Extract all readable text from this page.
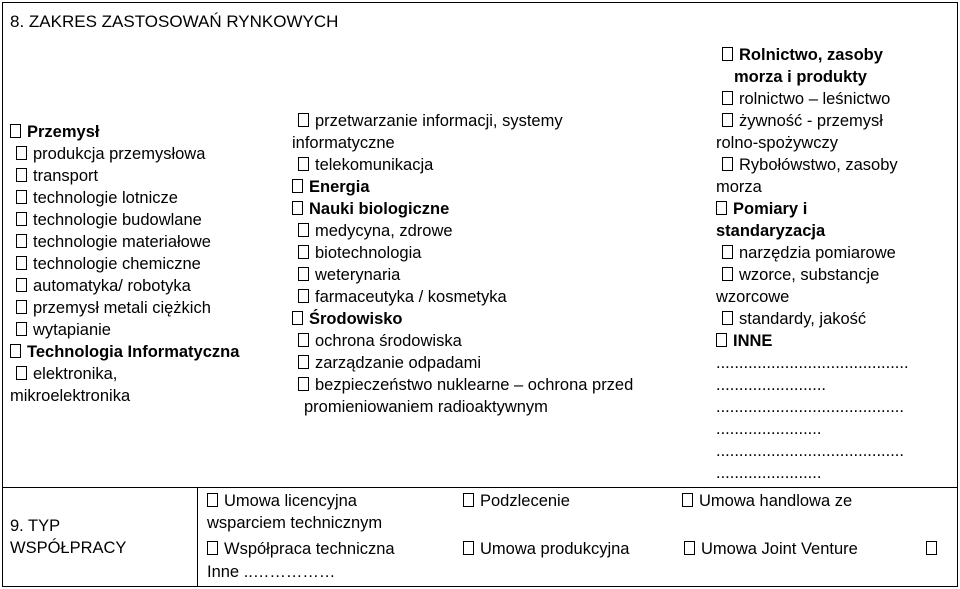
8. ZAKRES ZASTOSOWAŃ RYNKOWYCH
Przemysł
produkcja przemysłowa
transport
technologie lotnicze
technologie budowlane
technologie materiałowe
technologie chemiczne
automatyka/ robotyka
przemysł metali ciężkich
wytapianie
Technologia Informatyczna
elektronika,
mikroelektronika
przetwarzanie informacji, systemy
informatyczne
telekomunikacja
Energia
Nauki biologiczne
medycyna, zdrowe
biotechnologia
weterynaria
farmaceutyka / kosmetyka
Środowisko
ochrona środowiska
zarządzanie odpadami
bezpieczeństwo nuklearne – ochrona przed
promieniowaniem radioaktywnym
Rolnictwo, zasoby
morza i produkty
rolnictwo – leśnictwo
żywność - przemysł
rolno-spożywczy
Rybołówstwo, zasoby
morza
Pomiary i
standaryzacja
narzędzia pomiarowe
wzorce, substancje
wzorcowe
standardy, jakość
INNE
..........................................
........................
.........................................
.......................
.........................................
.......................
9. TYP
WSPÓŁPRACY
Umowa licencyjna
wsparciem technicznym
Podzlecenie	Umowa handlowa ze
Współpraca techniczna	Umowa produkcyjna	Umowa Joint Venture
Inne ..……………
